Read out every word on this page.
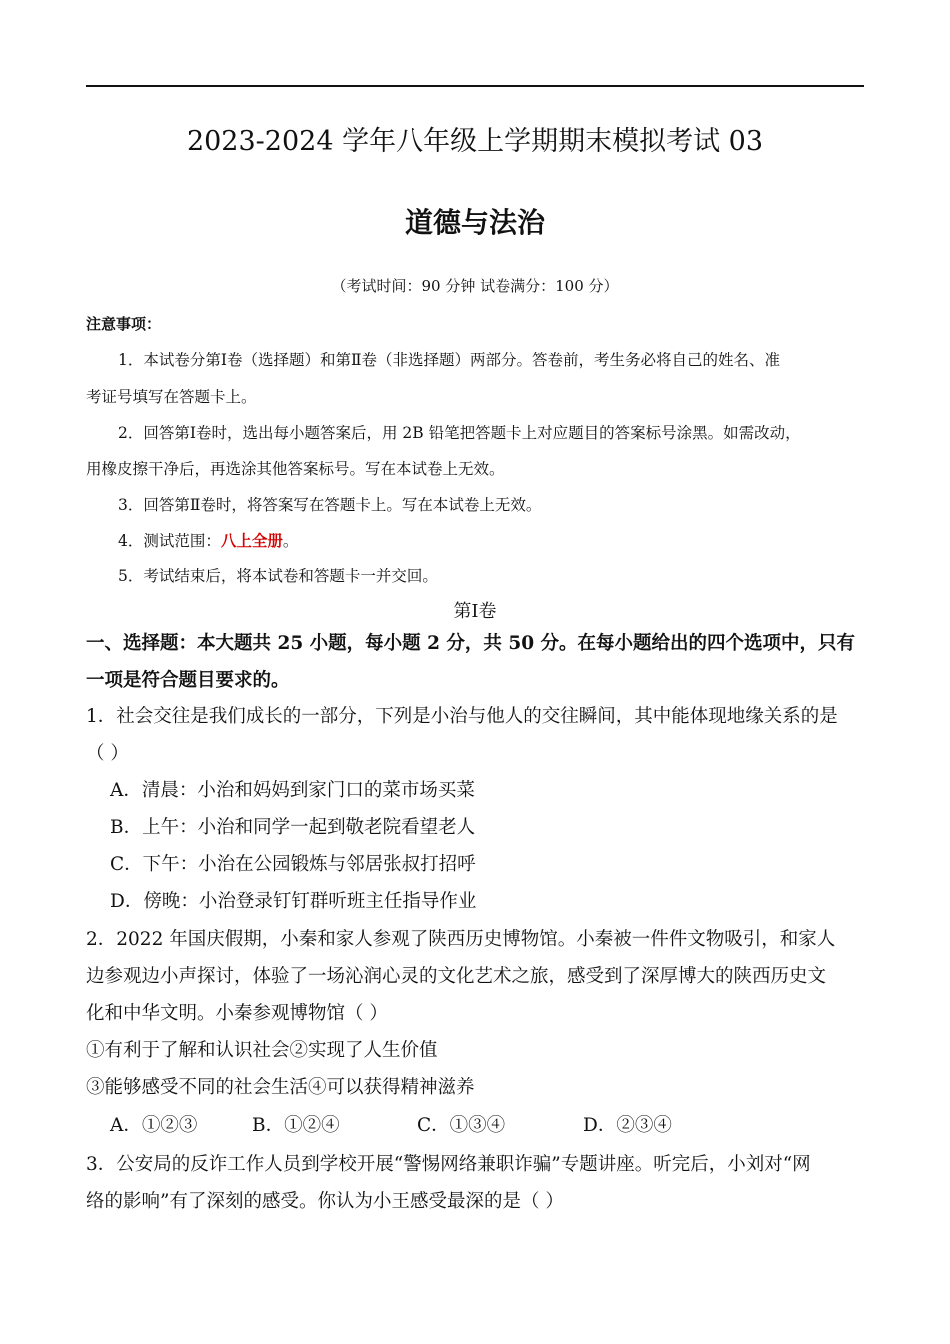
2023-2024 学年八年级上学期期末模拟考试 03
道德与法治
（考试时间：90 分钟 试卷满分：100 分）
注意事项：
1．本试卷分第Ⅰ卷（选择题）和第Ⅱ卷（非选择题）两部分。答卷前，考生务必将自己的姓名、准
考证号填写在答题卡上。
2．回答第Ⅰ卷时，选出每小题答案后，用 2B 铅笔把答题卡上对应题目的答案标号涂黑。如需改动，
用橡皮擦干净后，再选涂其他答案标号。写在本试卷上无效。
3．回答第Ⅱ卷时，将答案写在答题卡上。写在本试卷上无效。
4．测试范围：八上全册。
5．考试结束后，将本试卷和答题卡一并交回。
第Ⅰ卷
一、选择题：本大题共 25 小题，每小题 2 分，共 50 分。在每小题给出的四个选项中，只有
一项是符合题目要求的。
1．社会交往是我们成长的一部分，下列是小治与他人的交往瞬间，其中能体现地缘关系的是
（ ）
A．清晨：小治和妈妈到家门口的菜市场买菜
B．上午：小治和同学一起到敬老院看望老人
C．下午：小治在公园锻炼与邻居张叔打招呼
D．傍晚：小治登录钉钉群听班主任指导作业
2．2022 年国庆假期，小秦和家人参观了陕西历史博物馆。小秦被一件件文物吸引，和家人
边参观边小声探讨，体验了一场沁润心灵的文化艺术之旅，感受到了深厚博大的陕西历史文
化和中华文明。小秦参观博物馆（ ）
①有利于了解和认识社会②实现了人生价值
③能够感受不同的社会生活④可以获得精神滋养
A．①②③	B．①②④	C．①③④	D．②③④
3．公安局的反诈工作人员到学校开展“警惕网络兼职诈骗”专题讲座。听完后，小刘对“网
络的影响”有了深刻的感受。你认为小王感受最深的是（ ）
